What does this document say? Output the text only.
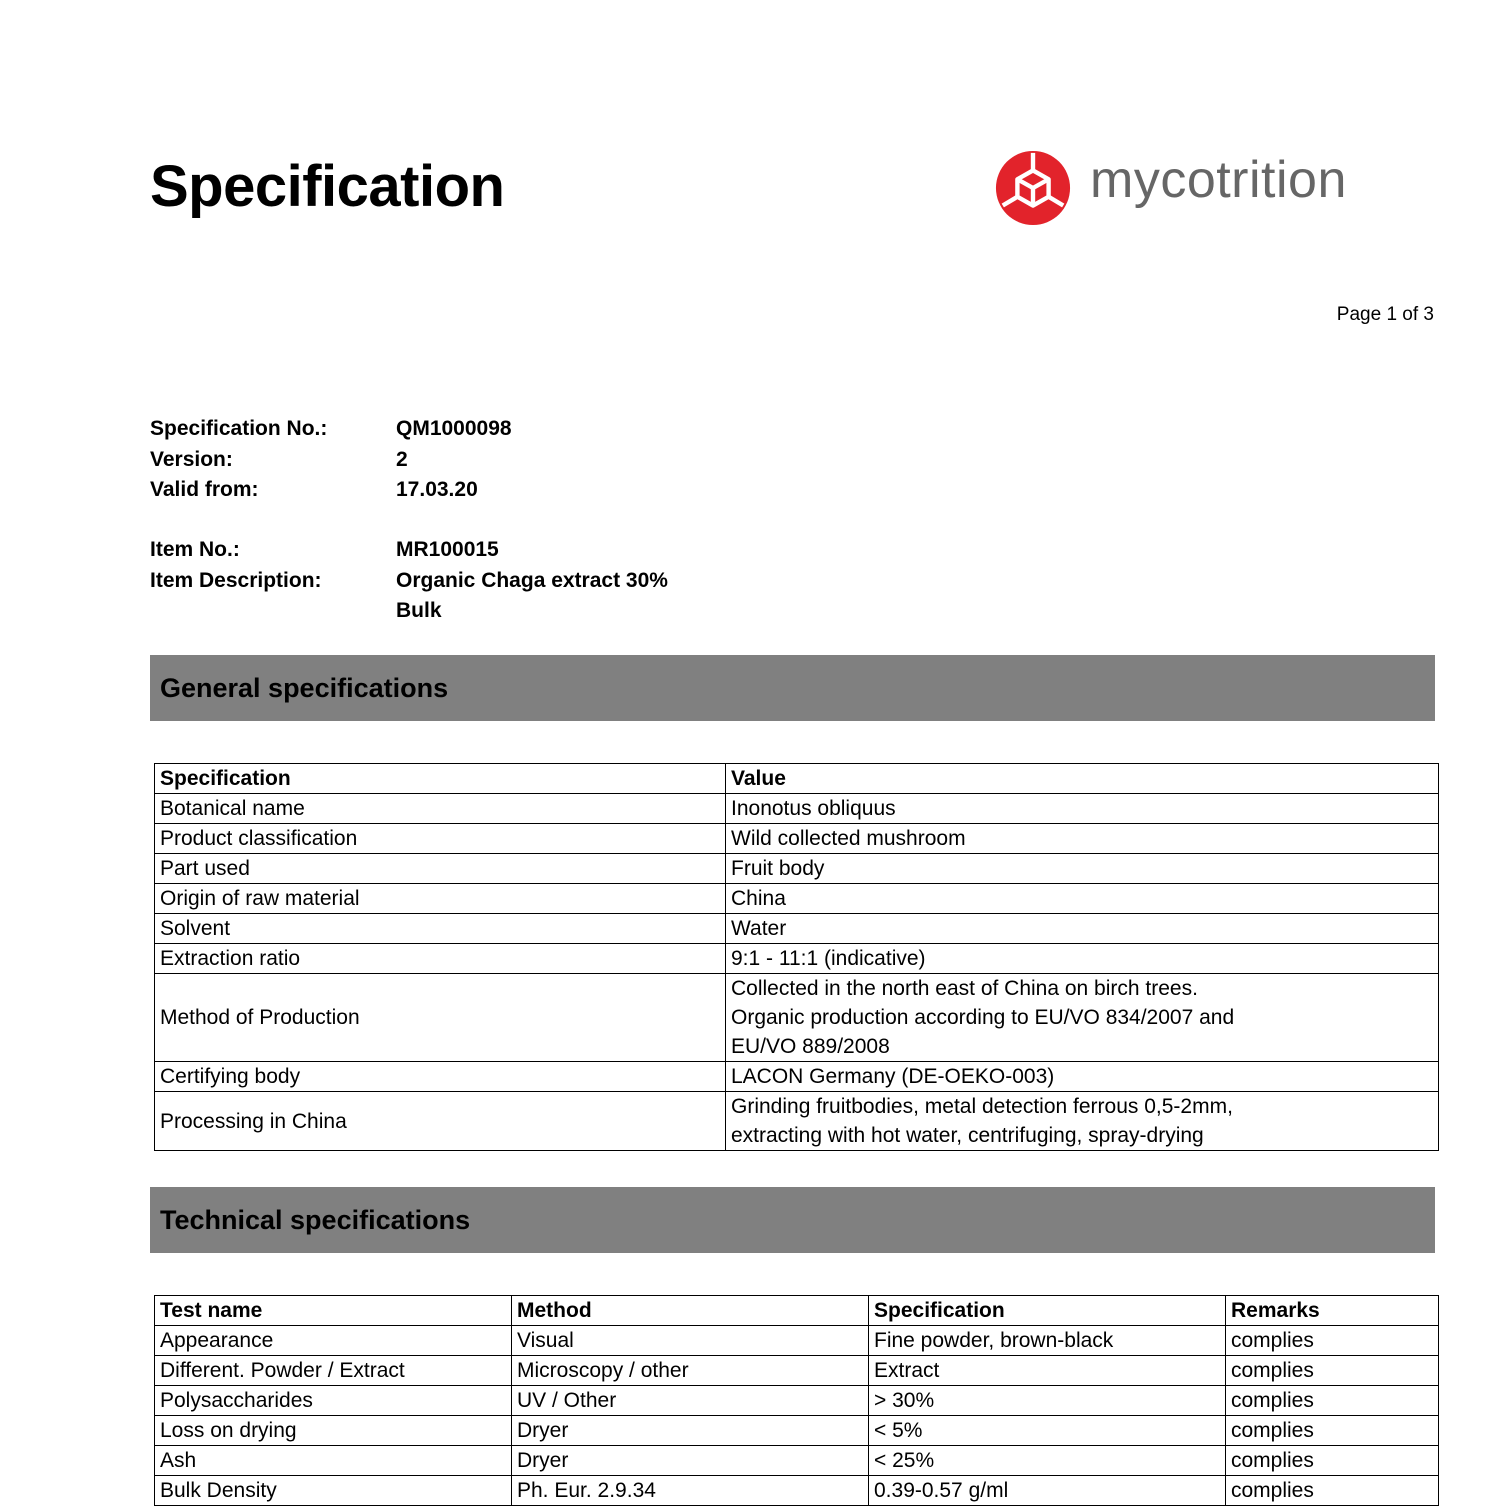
Specification	mycotrition
Page 1 of 3
Specification No.:	QM1000098
Version:	2
Valid from:	17.03.20
Item No.:	MR100015
Item Description:	Organic Chaga extract 30%
Bulk
General specifications
Specification	Value
Botanical name	Inonotus obliquus

Product classification	Wild collected mushroom

Part used	Fruit body

Origin of raw material	China

Solvent	Water

Extraction ratio	9:1 - 11:1 (indicative)

Method of Production	Collected in the north east of China on birch trees.
Organic production according to EU/VO 834/2007 and
EU/VO 889/2008

Certifying body	LACON Germany (DE-OEKO-003)

Processing in China	Grinding fruitbodies, metal detection ferrous 0,5-2mm,
extracting with hot water, centrifuging, spray-drying
Technical specifications
Test name	Method	Specification	Remarks
Appearance	Visual	Fine powder, brown-black	complies
Different. Powder / Extract	Microscopy / other	Extract	complies
Polysaccharides	UV / Other	> 30%	complies
Loss on drying	Dryer	< 5%	complies
Ash	Dryer	< 25%	complies
Bulk Density	Ph. Eur. 2.9.34	0.39-0.57 g/ml	complies
